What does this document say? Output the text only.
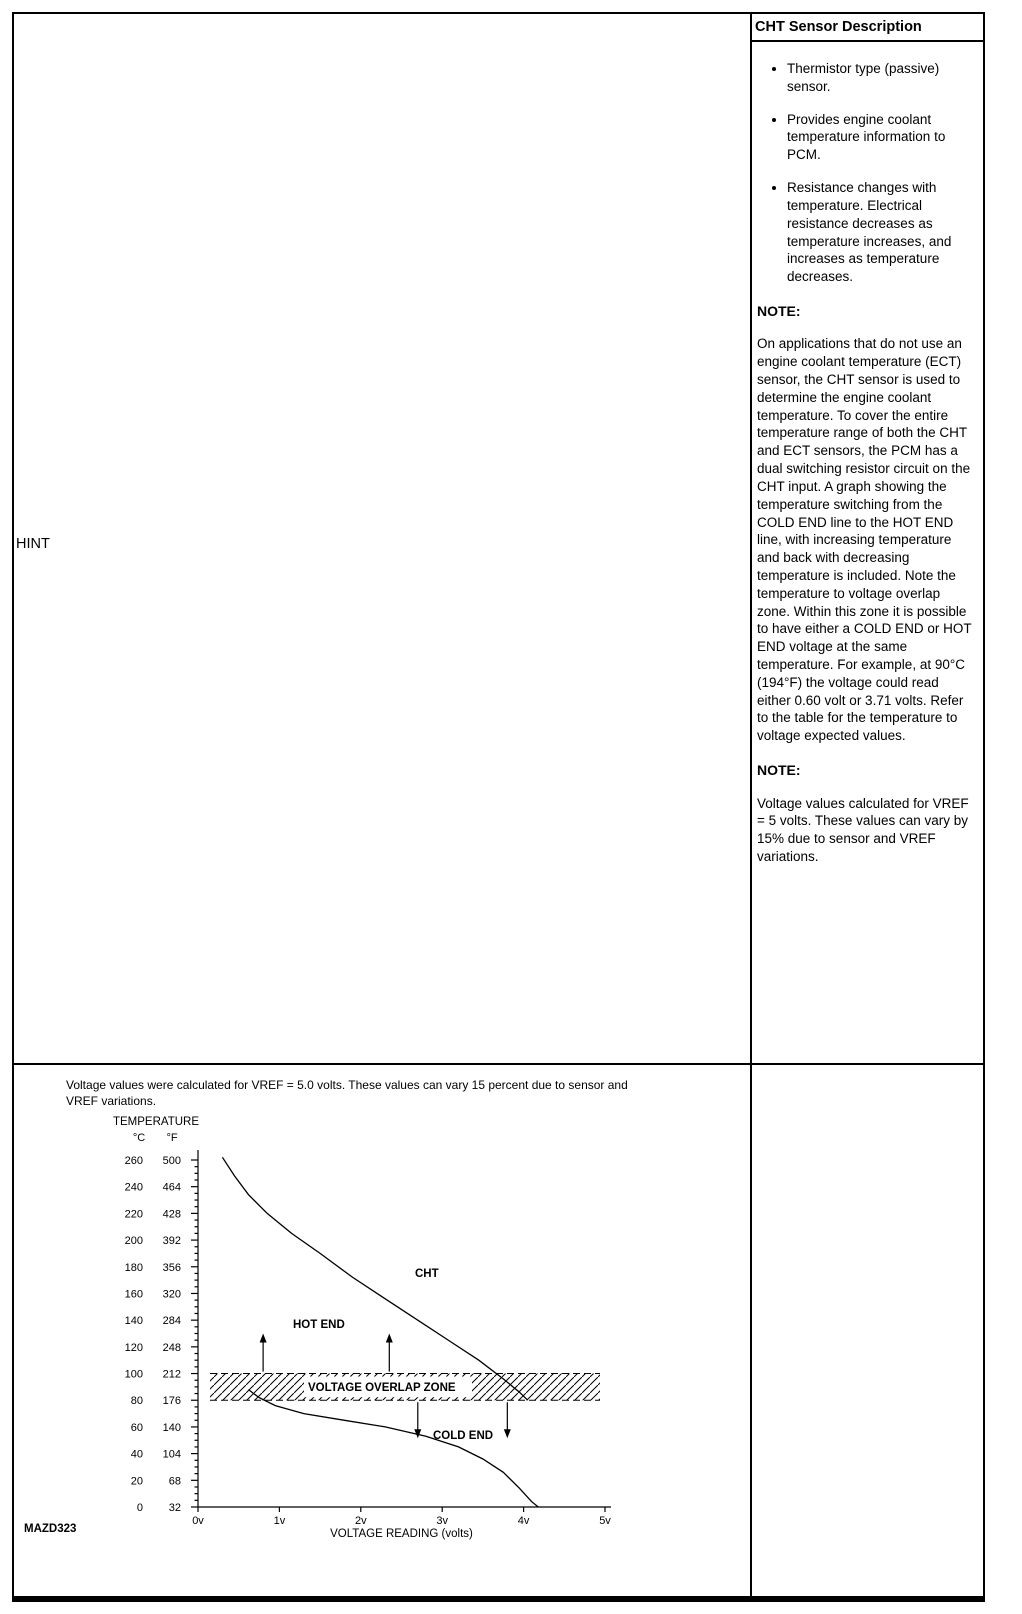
HINT
CHT Sensor Description
• Thermistor type (passive) sensor.
• Provides engine coolant temperature information to PCM.
• Resistance changes with temperature. Electrical resistance decreases as temperature increases, and increases as temperature decreases.
NOTE:
On applications that do not use an engine coolant temperature (ECT) sensor, the CHT sensor is used to determine the engine coolant temperature. To cover the entire temperature range of both the CHT and ECT sensors, the PCM has a dual switching resistor circuit on the CHT input. A graph showing the temperature switching from the COLD END line to the HOT END line, with increasing temperature and back with decreasing temperature is included. Note the temperature to voltage overlap zone. Within this zone it is possible to have either a COLD END or HOT END voltage at the same temperature. For example, at 90°C (194°F) the voltage could read either 0.60 volt or 3.71 volts. Refer to the table for the temperature to voltage expected values.
NOTE:
Voltage values calculated for VREF = 5 volts. These values can vary by 15% due to sensor and VREF variations.
Voltage values were calculated for VREF = 5.0 volts. These values can vary 15 percent due to sensor and VREF variations.
260 500
240 464
220 428
200 392
180 356
160 320
140 284
120 248
100 212
80 176
60 140
40 104
20 68
0 32
0v	1v	2v	3v	4v	5v
TEMPERATURE
°C °F
VOLTAGE READING (volts)
CHT
HOT END
VOLTAGE OVERLAP ZONE
COLD END
MAZD323
